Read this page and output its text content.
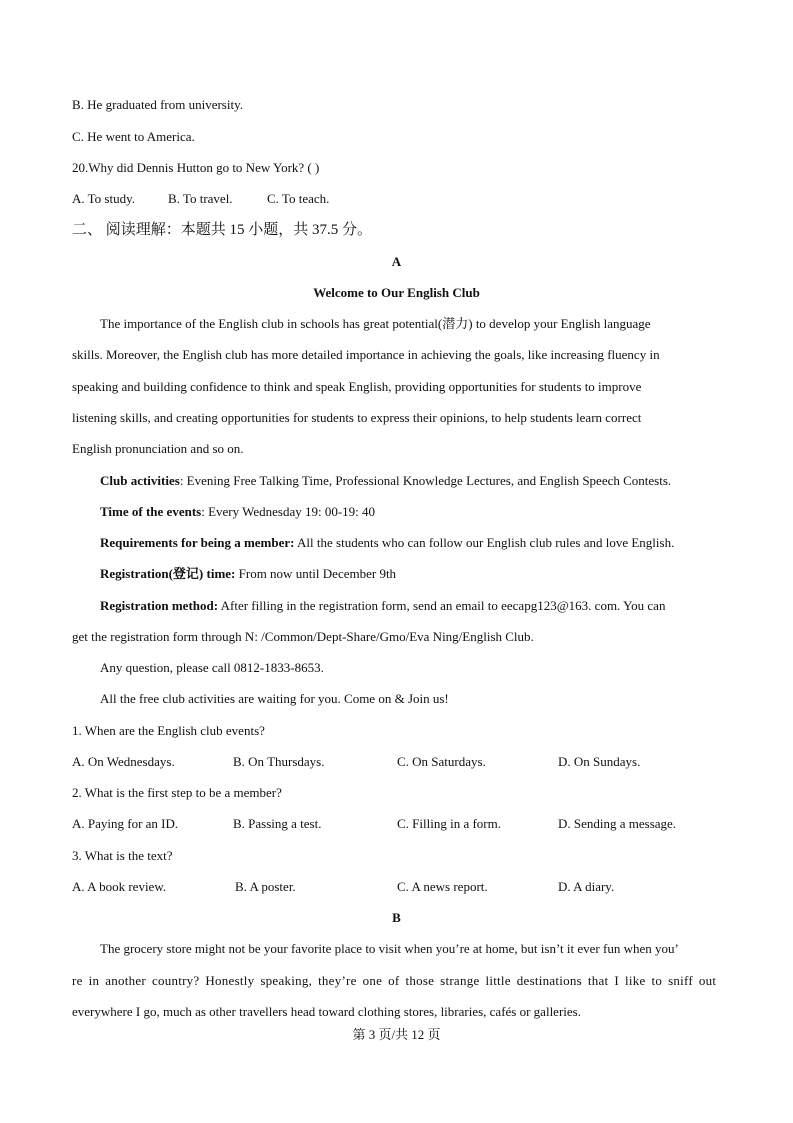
B. He graduated from university.
C. He went to America.
20.Why did Dennis Hutton go to New York? ( )
A. To study.	B. To travel.	C. To teach.
二、 阅读理解：本题共 15 小题，共 37.5 分。
A
Welcome to Our English Club
The importance of the English club in schools has great potential(潜力) to develop your English language
skills. Moreover, the English club has more detailed importance in achieving the goals, like increasing fluency in
speaking and building confidence to think and speak English, providing opportunities for students to improve
listening skills, and creating opportunities for students to express their opinions, to help students learn correct
English pronunciation and so on.
Club activities: Evening Free Talking Time, Professional Knowledge Lectures, and English Speech Contests.
Time of the events: Every Wednesday 19: 00-19: 40
Requirements for being a member: All the students who can follow our English club rules and love English.
Registration(登记) time: From now until December 9th
Registration method: After filling in the registration form, send an email to eecapg123@163. com. You can
get the registration form through N: /Common/Dept-Share/Gmo/Eva Ning/English Club.
Any question, please call 0812-1833-8653.
All the free club activities are waiting for you. Come on & Join us!
1. When are the English club events?
A. On Wednesdays.	B. On Thursdays.	C. On Saturdays.	D. On Sundays.
2. What is the first step to be a member?
A. Paying for an ID.	B. Passing a test.	C. Filling in a form.	D. Sending a message.
3. What is the text?
A. A book review.	B. A poster.	C. A news report.	D. A diary.
B
The grocery store might not be your favorite place to visit when you’re at home, but isn’t it ever fun when you’
re in another country? Honestly speaking, they’re one of those strange little destinations that I like to sniff out
everywhere I go, much as other travellers head toward clothing stores, libraries, cafés or galleries.
第 3 页/共 12 页
